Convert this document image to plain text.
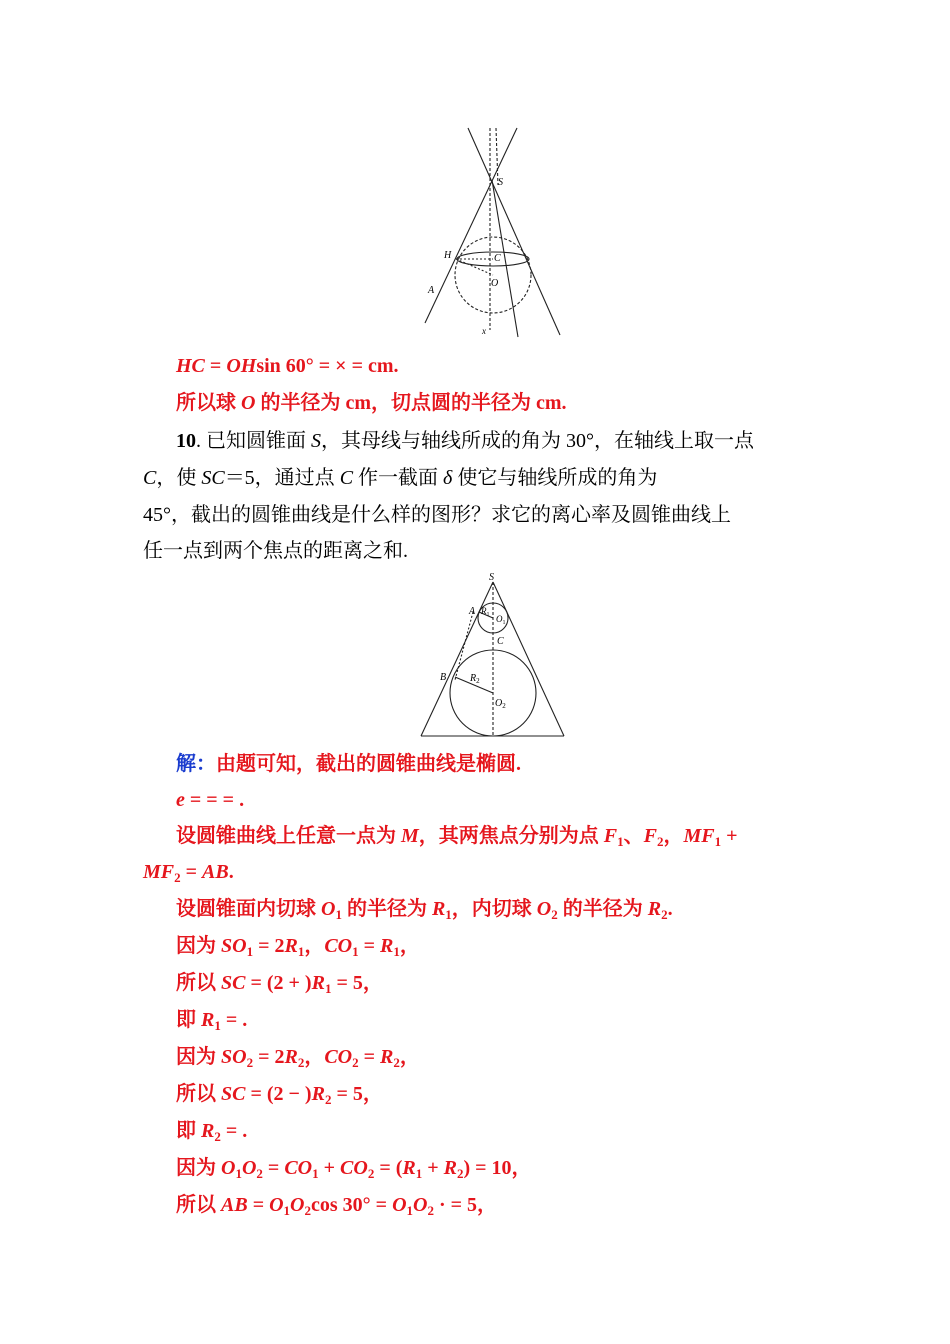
S
H	C
O
A
x
HC = OHsin 60° = × = cm.
所以球 O 的半径为 cm，切点圆的半径为 cm.
10. 已知圆锥面 S，其母线与轴线所成的角为 30°，在轴线上取一点
C，使 SC＝5，通过点 C 作一截面 δ 使它与轴线所成的角为
45°，截出的圆锥曲线是什么样的图形？求它的离心率及圆锥曲线上
任一点到两个焦点的距离之和.
S
A $R_1$ $O_1$
C
B $R_2$
$O_2$
解：由题可知，截出的圆锥曲线是椭圆.
e = = = .
设圆锥曲线上任意一点为 M，其两焦点分别为点 $F_1$、$F_2$，$MF_1$ +
$MF_2$ = AB.
设圆锥面内切球 $O_1$ 的半径为 $R_1$，内切球 $O_2$ 的半径为 $R_2$.
因为 $SO_1 = 2R_1$，$CO_1 = R_1$，
所以 SC = $(2 + )R_1 = 5$，
即 $R_1$ = .
因为 $SO_2 = 2R_2$，$CO_2 = R_2$，
所以 SC = $(2 - )R_2 = 5$，
即 $R_2$ = .
因为 $O_1O_2 = CO_1 + CO_2 = (R_1 + R_2) = 10$，
所以 AB = $O_1O_2\cos$ $30^\circ = O_1O_2$ · = 5，
